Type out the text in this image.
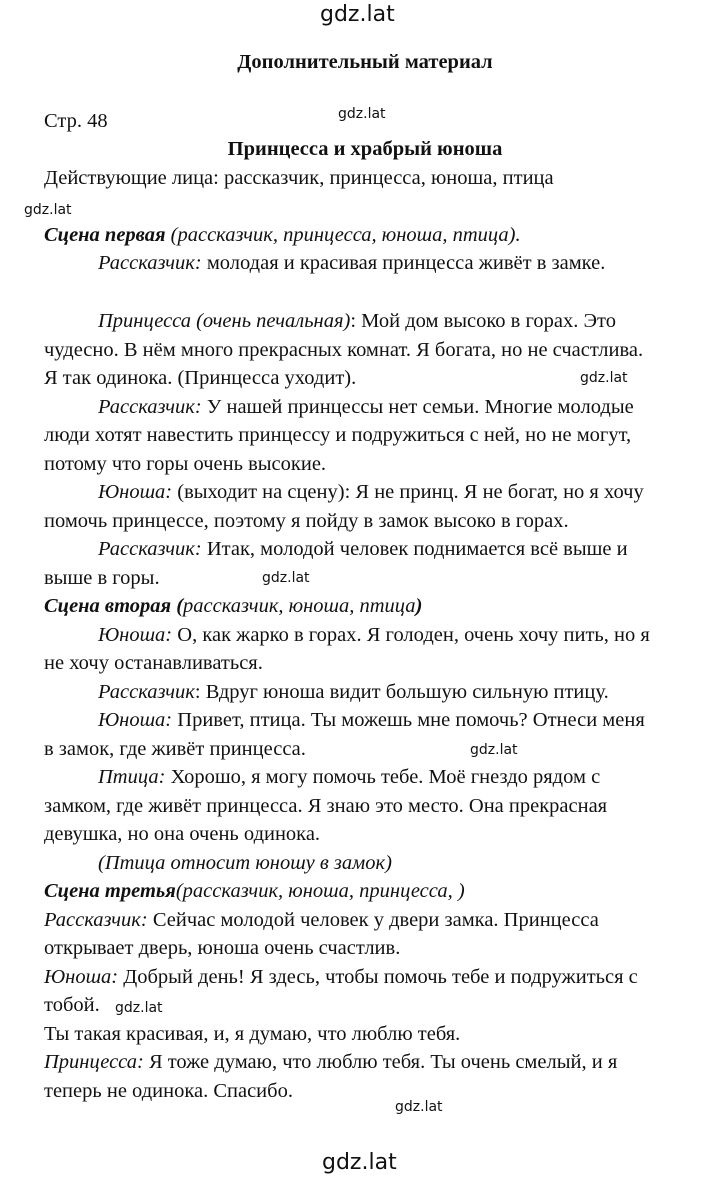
gdz.lat
gdz.lat
gdz.lat
gdz.lat
gdz.lat
gdz.lat
gdz.lat
gdz.lat
gdz.lat
Дополнительный материал
Стр. 48
Принцесса и храбрый юноша
Действующие лица: рассказчик, принцесса, юноша, птица
Сцена первая (рассказчик, принцесса, юноша, птица).
Рассказчик: молодая и красивая принцесса живёт в замке.
Принцесса (очень печальная): Мой дом высоко в горах. Это
чудесно. В нём много прекрасных комнат. Я богата, но не счастлива.
Я так одинока. (Принцесса уходит).
Рассказчик: У нашей принцессы нет семьи. Многие молодые
люди хотят навестить принцессу и подружиться с ней, но не могут,
потому что горы очень высокие.
Юноша: (выходит на сцену): Я не принц. Я не богат, но я хочу
помочь принцессе, поэтому я пойду в замок высоко в горах.
Рассказчик: Итак, молодой человек поднимается всё выше и
выше в горы.
Сцена вторая (рассказчик, юноша, птица)
Юноша: О, как жарко в горах. Я голоден, очень хочу пить, но я
не хочу останавливаться.
Рассказчик: Вдруг юноша видит большую сильную птицу.
Юноша: Привет, птица. Ты можешь мне помочь? Отнеси меня
в замок, где живёт принцесса.
Птица: Хорошо, я могу помочь тебе. Моё гнездо рядом с
замком, где живёт принцесса. Я знаю это место. Она прекрасная
девушка, но она очень одинока.
(Птица относит юношу в замок)
Сцена третья(рассказчик, юноша, принцесса, )
Рассказчик: Сейчас молодой человек у двери замка. Принцесса
открывает дверь, юноша очень счастлив.
Юноша: Добрый день! Я здесь, чтобы помочь тебе и подружиться с
тобой.
Ты такая красивая, и, я думаю, что люблю тебя.
Принцесса: Я тоже думаю, что люблю тебя. Ты очень смелый, и я
теперь не одинока. Спасибо.
